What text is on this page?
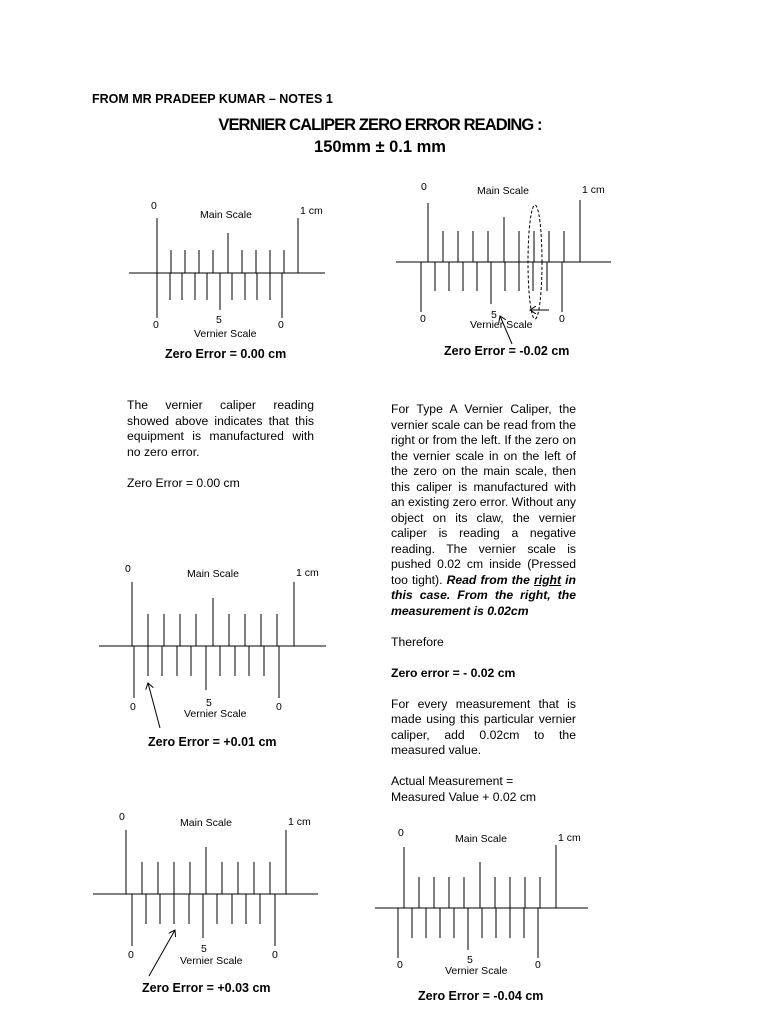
FROM MR PRADEEP KUMAR – NOTES 1
VERNIER CALIPER ZERO ERROR READING :
150mm ± 0.1 mm
0
Main Scale	1 cm
5
0	0
Vernier Scale
0	Main Scale	1 cm
5
0	0
Vernier Scale
0	Main Scale	1 cm
5
0	0
Vernier Scale
0	Main Scale	1 cm
5
0	0
Vernier Scale
0	Main Scale	1 cm
5
0	0
Vernier Scale
Zero Error = 0.00 cm	Zero Error = -0.02 cm
Zero Error = +0.01 cm
Zero Error = +0.03 cm
Zero Error = -0.04 cm

The vernier caliper reading showed above indicates that this equipment is manufactured with no zero error.

Zero Error = 0.00 cm

For Type A Vernier Caliper, the vernier scale can be read from the right or from the left. If the zero on the vernier scale in on the left of the zero on the main scale, then this caliper is manufactured with an existing zero error. Without any object on its claw, the vernier caliper is reading a negative reading. The vernier scale is pushed 0.02 cm inside (Pressed too tight). Read from the right in this case. From the right, the measurement is 0.02cm

Therefore

Zero error = - 0.02 cm

For every measurement that is made using this particular vernier caliper, add 0.02cm to the measured value.

Actual Measurement =

Measured Value + 0.02 cm
